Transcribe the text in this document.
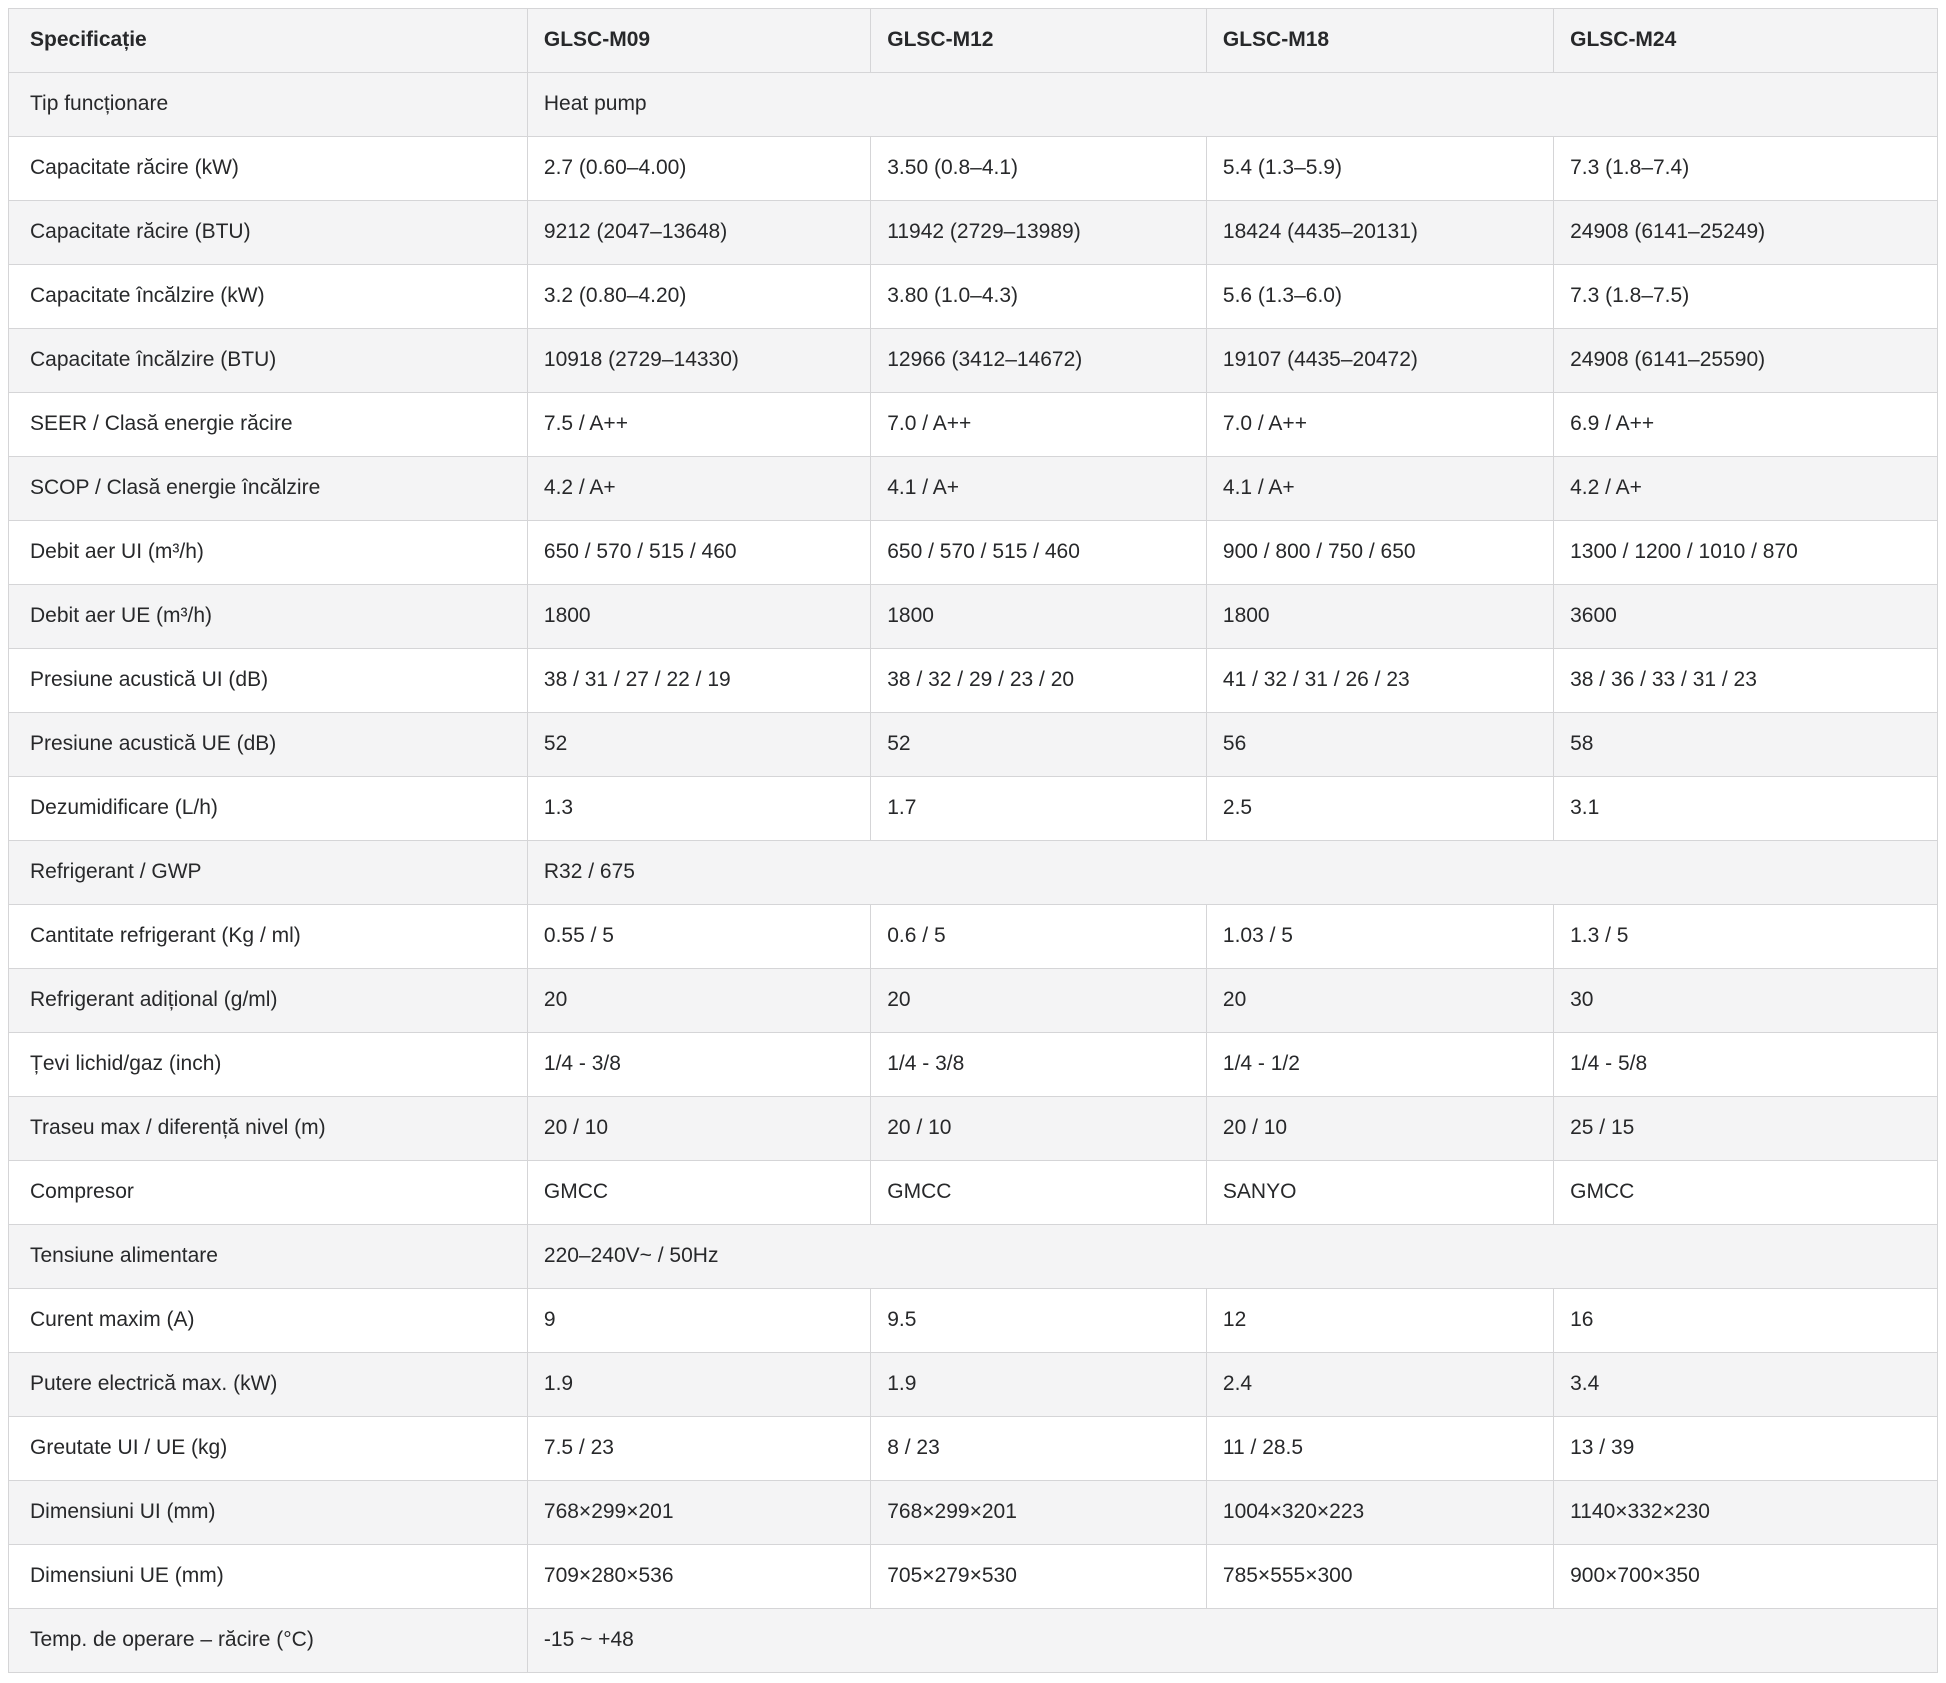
Specificație	GLSC-M09	GLSC-M12	GLSC-M18	GLSC-M24
Tip funcționare	Heat pump			
Capacitate răcire (kW)	2.7 (0.60–4.00)	3.50 (0.8–4.1)	5.4 (1.3–5.9)	7.3 (1.8–7.4)
Capacitate răcire (BTU)	9212 (2047–13648)	11942 (2729–13989)	18424 (4435–20131)	24908 (6141–25249)
Capacitate încălzire (kW)	3.2 (0.80–4.20)	3.80 (1.0–4.3)	5.6 (1.3–6.0)	7.3 (1.8–7.5)
Capacitate încălzire (BTU)	10918 (2729–14330)	12966 (3412–14672)	19107 (4435–20472)	24908 (6141–25590)
SEER / Clasă energie răcire	7.5 / A++	7.0 / A++	7.0 / A++	6.9 / A++
SCOP / Clasă energie încălzire	4.2 / A+	4.1 / A+	4.1 / A+	4.2 / A+
Debit aer UI (m³/h)	650 / 570 / 515 / 460	650 / 570 / 515 / 460	900 / 800 / 750 / 650	1300 / 1200 / 1010 / 870
Debit aer UE (m³/h)	1800	1800	1800	3600
Presiune acustică UI (dB)	38 / 31 / 27 / 22 / 19	38 / 32 / 29 / 23 / 20	41 / 32 / 31 / 26 / 23	38 / 36 / 33 / 31 / 23
Presiune acustică UE (dB)	52	52	56	58
Dezumidificare (L/h)	1.3	1.7	2.5	3.1
Refrigerant / GWP	R32 / 675			
Cantitate refrigerant (Kg / ml)	0.55 / 5	0.6 / 5	1.03 / 5	1.3 / 5
Refrigerant adițional (g/ml)	20	20	20	30
Țevi lichid/gaz (inch)	1/4 - 3/8	1/4 - 3/8	1/4 - 1/2	1/4 - 5/8
Traseu max / diferență nivel (m)	20 / 10	20 / 10	20 / 10	25 / 15
Compresor	GMCC	GMCC	SANYO	GMCC
Tensiune alimentare	220–240V~ / 50Hz			
Curent maxim (A)	9	9.5	12	16
Putere electrică max. (kW)	1.9	1.9	2.4	3.4
Greutate UI / UE (kg)	7.5 / 23	8 / 23	11 / 28.5	13 / 39
Dimensiuni UI (mm)	768×299×201	768×299×201	1004×320×223	1140×332×230
Dimensiuni UE (mm)	709×280×536	705×279×530	785×555×300	900×700×350
Temp. de operare – răcire (°C)	-15 ~ +48			
